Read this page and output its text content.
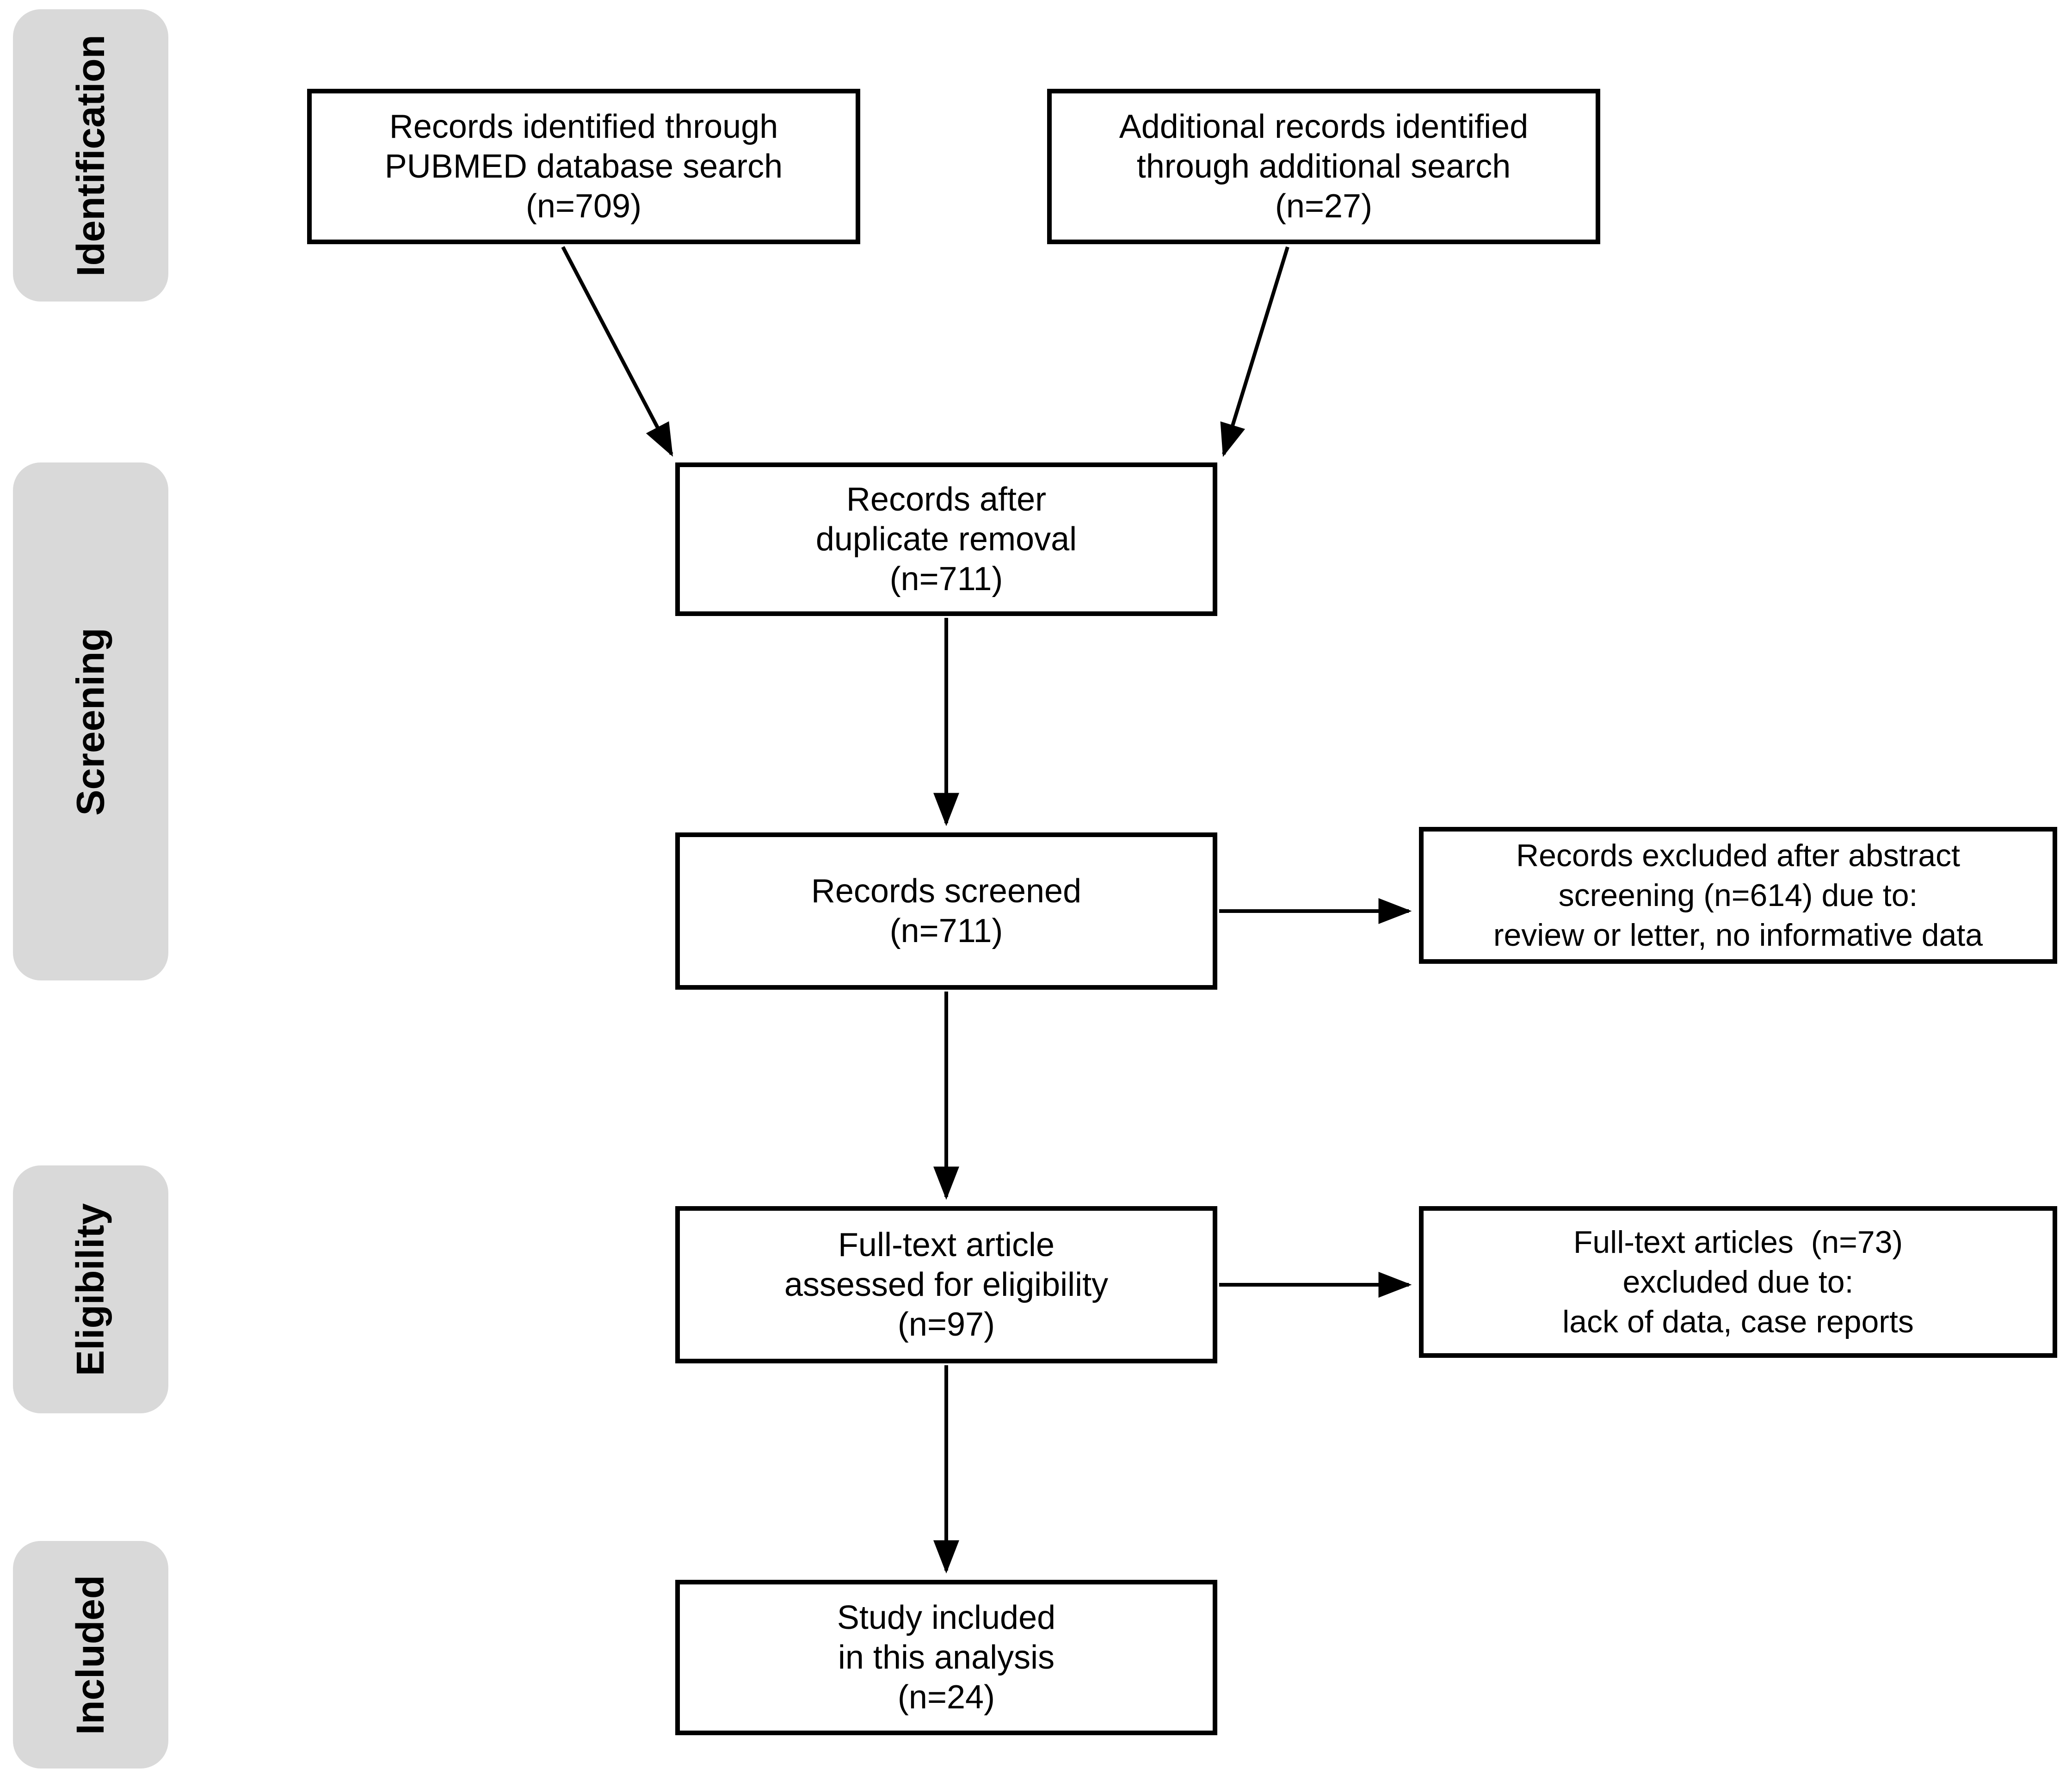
Identification
Screening
Eligibility
Included
Records identified through
PUBMED database search
(n=709)
Additional records identified
through additional search
(n=27)
Records after
duplicate removal
(n=711)
Records screened
(n=711)
Records excluded after abstract
screening (n=614) due to:
review or letter, no informative data
Full-text article
assessed for eligibility
(n=97)
Full-text articles  (n=73)
excluded due to:
lack of data, case reports
Study included
in this analysis
(n=24)
